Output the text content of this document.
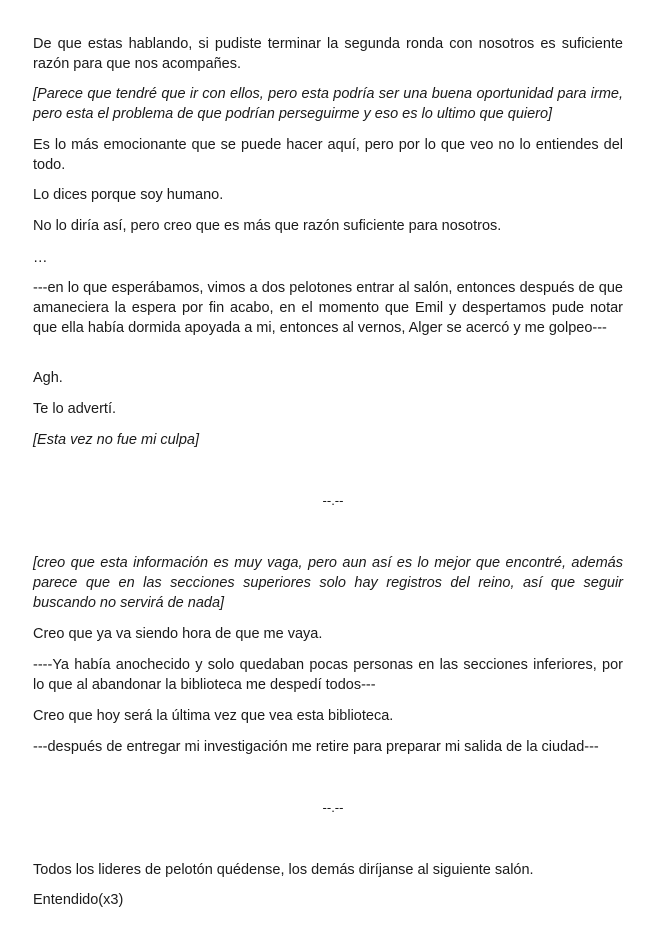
De que estas hablando, si pudiste terminar la segunda ronda con nosotros es suficiente razón para que nos acompañes.

[Parece que tendré que ir con ellos, pero esta podría ser una buena oportunidad para irme, pero esta el problema de que podrían perseguirme y eso es lo ultimo que quiero]

Es lo más emocionante que se puede hacer aquí, pero por lo que veo no lo entiendes del todo.

Lo dices porque soy humano.

No lo diría así, pero creo que es más que razón suficiente para nosotros.

…

---en lo que esperábamos, vimos a dos pelotones entrar al salón, entonces después de que amaneciera la espera por fin acabo, en el momento que Emil y despertamos pude notar que ella había dormida apoyada a mi, entonces al vernos, Alger se acercó y me golpeo---

Agh.

Te lo advertí.

[Esta vez no fue mi culpa]

--.--

[creo que esta información es muy vaga, pero aun así es lo mejor que encontré, además parece que en las secciones superiores solo hay registros del reino, así que seguir buscando no servirá de nada]

Creo que ya va siendo hora de que me vaya.

----Ya había anochecido y solo quedaban pocas personas en las secciones inferiores, por lo que al abandonar la biblioteca me despedí todos---

Creo que hoy será la última vez que vea esta biblioteca.

---después de entregar mi investigación me retire para preparar mi salida de la ciudad---

--.--

Todos los lideres de pelotón quédense, los demás diríjanse al siguiente salón.

Entendido(x3)
